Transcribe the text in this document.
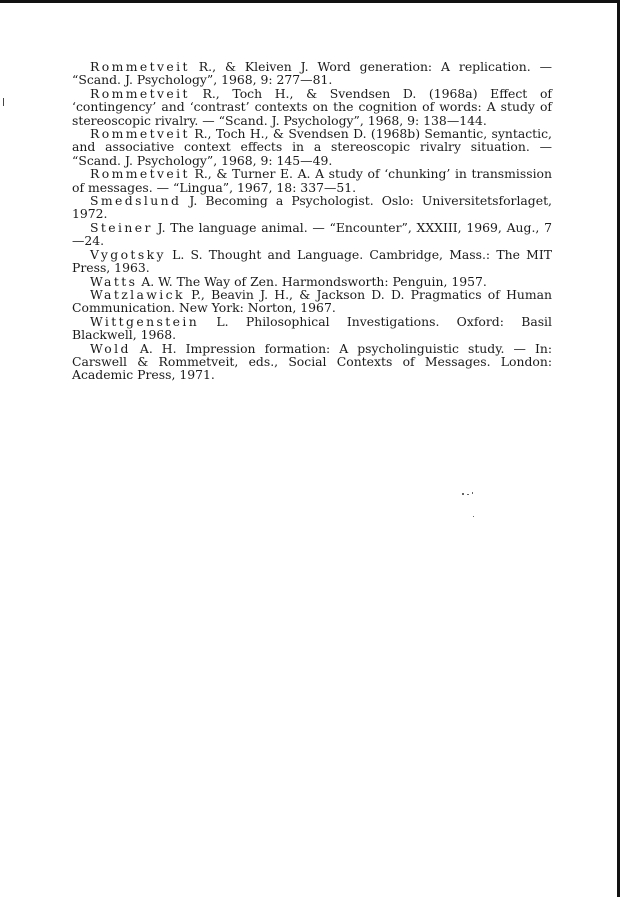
Rommetveit R., & Kleiven J. Word generation: A replication. — “Scand. J. Psychology”, 1968, 9: 277—81.

Rommetveit R., Toch H., & Svendsen D. (1968a) Effect of ‘contingency’ and ‘contrast’ contexts on the cognition of words: A study of stereoscopic rivalry. — “Scand. J. Psychology”, 1968, 9: 138—144.

Rommetveit R., Toch H., & Svendsen D. (1968b) Semantic, syntactic, and associative context effects in a stereoscopic rivalry situation. — “Scand. J. Psychology”, 1968, 9: 145—49.

Rommetveit R., & Turner E. A. A study of ‘chunking’ in transmission of messages. — “Lingua”, 1967, 18: 337—51.

Smedslund J. Becoming a Psychologist. Oslo: Universitetsforlaget, 1972.

Steiner J. The language animal. — “Encounter”, XXXIII, 1969, Aug., 7—24.

Vygotsky L. S. Thought and Language. Cambridge, Mass.: The MIT Press, 1963.

Watts A. W. The Way of Zen. Harmondsworth: Penguin, 1957.

Watzlawick P., Beavin J. H., & Jackson D. D. Pragmatics of Human Communication. New York: Norton, 1967.

Wittgenstein L. Philosophical Investigations. Oxford: Basil Blackwell, 1968.

Wold A. H. Impression formation: A psycholinguistic study. — In: Carswell & Rommetveit, eds., Social Contexts of Messages. London: Academic Press, 1971.
